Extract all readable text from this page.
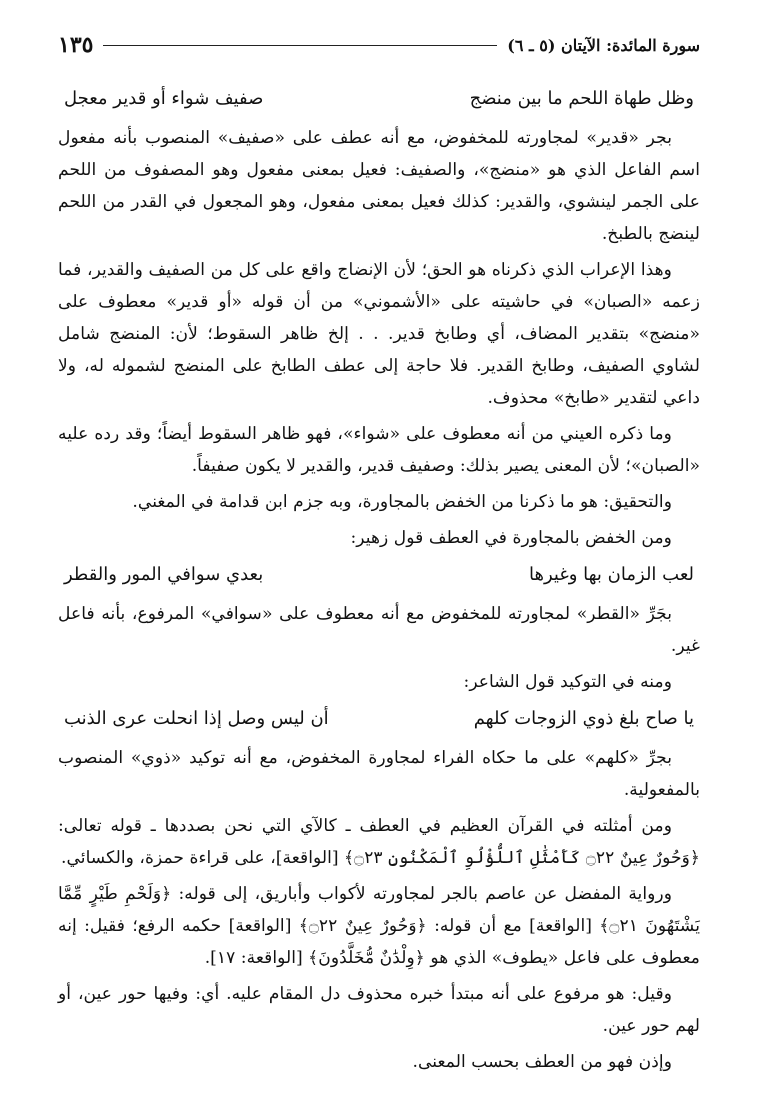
سورة المائدة: الآيتان (٥ ـ ٦)
١٣٥
وظل طهاة اللحم ما بين منضج
صفيف شواء أو قدير معجل

بجر «قدير» لمجاورته للمخفوض، مع أنه عطف على «صفيف» المنصوب بأنه مفعول اسم الفاعل الذي هو «منضج»، والصفيف: فعيل بمعنى مفعول وهو المصفوف من اللحم على الجمر لينشوي، والقدير: كذلك فعيل بمعنى مفعول، وهو المجعول في القدر من اللحم لينضج بالطبخ.

وهذا الإعراب الذي ذكرناه هو الحق؛ لأن الإنضاج واقع على كل من الصفيف والقدير، فما زعمه «الصبان» في حاشيته على «الأشموني» من أن قوله «أو قدير» معطوف على «منضج» بتقدير المضاف، أي وطابخ قدير. . . إلخ ظاهر السقوط؛ لأن: المنضج شامل لشاوي الصفيف، وطابخ القدير. فلا حاجة إلى عطف الطابخ على المنضج لشموله له، ولا داعي لتقدير «طابخ» محذوف.

وما ذكره العيني من أنه معطوف على «شواء»، فهو ظاهر السقوط أيضاً؛ وقد رده عليه «الصبان»؛ لأن المعنى يصير بذلك: وصفيف قدير، والقدير لا يكون صفيفاً.

والتحقيق: هو ما ذكرنا من الخفض بالمجاورة، وبه جزم ابن قدامة في المغني.

ومن الخفض بالمجاورة في العطف قول زهير:

لعب الزمان بها وغيرها
بعدي سوافي المور والقطر

بجَرِّ «القطر» لمجاورته للمخفوض مع أنه معطوف على «سوافي» المرفوع، بأنه فاعل غير.

ومنه في التوكيد قول الشاعر:

يا صاح بلغ ذوي الزوجات كلهم
أن ليس وصل إذا انحلت عرى الذنب

بجرِّ «كلهم» على ما حكاه الفراء لمجاورة المخفوض، مع أنه توكيد «ذوي» المنصوب بالمفعولية.

ومن أمثلته في القرآن العظيم في العطف ـ كالآي التي نحن بصددها ـ قوله تعالى: ﴿وَحُورٌ عِينٌ ۝٢٢ كَأَمْثَٰلِ ٱللُّؤْلُوِ ٱلْمَكْنُونِ ۝٢٣﴾ [الواقعة]، على قراءة حمزة، والكسائي.

ورواية المفضل عن عاصم بالجر لمجاورته لأكواب وأباريق، إلى قوله: ﴿وَلَحْمِ طَيْرٍ مِّمَّا يَشْتَهُونَ ۝٢١﴾ [الواقعة] مع أن قوله: ﴿وَحُورٌ عِينٌ ۝٢٢﴾ [الواقعة] حكمه الرفع؛ فقيل: إنه معطوف على فاعل «يطوف» الذي هو ﴿وِلْدَٰنٌ مُّخَلَّدُونَ﴾ [الواقعة: ١٧].

وقيل: هو مرفوع على أنه مبتدأ خبره محذوف دل المقام عليه. أي: وفيها حور عين، أو لهم حور عين.

وإذن فهو من العطف بحسب المعنى.
